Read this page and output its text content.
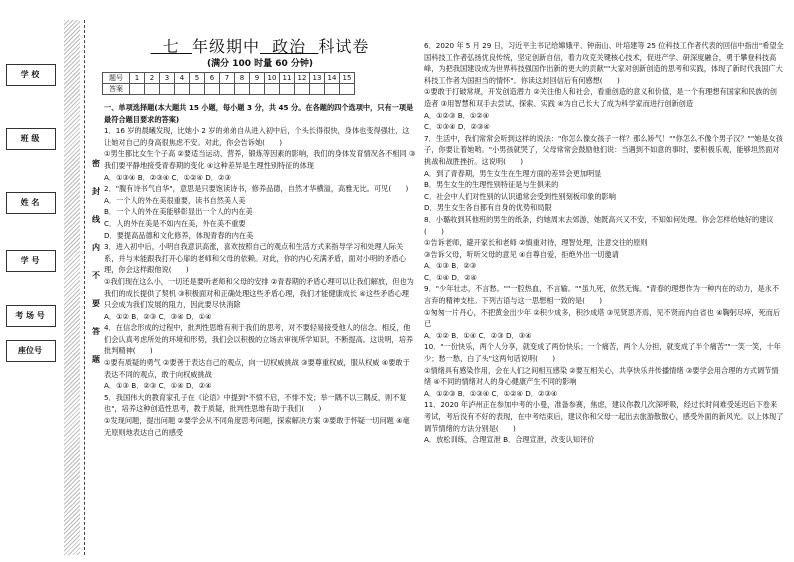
学 校
班 级
姓 名
学 号
考 场 号
座位号
密
封
线
内
不
要
答
题
七 年级期中 政治 科试卷
(满分 100 时量 60 分钟)
题号	1	2	3	4	5	6	7	8	9	10	11	12	13	14	15
答案															

一、单项选择题(本大题共 15 小题，每小题 3 分，共 45 分。在各题的四个选项中，只有一项是最符合题目要求的答案)

1．16 岁的晨曦发现，比她小 2 岁的弟弟自从进入初中后，个头长得很快，身体也变得强壮，这让她对自己的身高很焦虑不安。对此，你会告诉她(　　)

①男生都比女生个子高 ②要适当运动、营养，锻炼等因素的影响，我们的身体发育情况各不相同 ③我们要平静地接受青春期的变化 ④这种差异是生理性别特征的体现

A．①③④ B．②③④ C．①②④ D．②③

2．"腹有诗书气自华"，意思是只要饱读诗书，修养品德，自然才华横溢，高雅无比。可见(　　)

A．一个人的外在美很重要，读书自然美人美

B．一个人的外在美能够彰显出一个人的内在美

C．人的外在美是不如内在美，外在美不重要

D．要提高品德和文化修养，体现青春的内在美

3．进入初中后，小明自我意识高涨，喜欢按照自己的观点和生活方式来指导学习和处理人际关系，并与未能跟我打开心扉的老师和父母的依赖。对此，你的内心充满矛盾，面对小明的矛盾心理，你会这样跟他说(　　)

①我们现在这么小，一切还是要听老师和父母的安排 ②青春期的矛盾心理可以让我们解放，但也为我们的成长提供了契机 ③积极面对和正确处理这些矛盾心理，我们才能健康成长 ④这些矛盾心理只会成为我们发展的阻力，因此要尽快消除

A．①② B．②③ C．③④ D．①④

4．在信念形成的过程中，批判性思维有利于我们的思考，对不要轻易接受他人的信念。相反，他们会认真考虑所处的环境和形势，我们会以积极的立场去审视所学知识，不断提高。这说明，培养批判精神(　　)

①要有质疑的勇气 ②要善于表达自己的观点，向一切权威挑战 ③要尊重权威，服从权威 ④要敢于表达不同的观点，敢于向权威挑战

A．①③ B．②③ C．①④ D．②④

5．我国伟大的教育家孔子在《论语》中提到"不愤不启，不悱不发；举一隅不以三隅反，则不复也"，培养这种创造性思考，教于质疑，批判性思维有助于我们(　　)

①发现问题，提出问题 ②要学会从不同角度思考问题，探索解决方案 ③要敢于怀疑一切问题 ④毫无原则地表达自己的感受

6．2020 年 5 月 29 日，习近平主书记给嫦娥平、钟南山、叶培建等 25 位科技工作者代表的回信中指出"希望全国科技工作者弘扬优良传统，坚定创新自信，着力攻克关键核心技术，促进产学、研深度融合，勇于攀登科技高峰，为把我国建设成为世界科技强国作出新的更大的贡献""大家对创新创造的思考和实践，体现了新时代我国广大科技工作者为国担当的情怀"。你读这封回信后有何感想(　　)

①要敢于打破常规，开发创造潜力 ②关注他人和社会，看重创造的意义和价值，是一个有理想有国家和民族的创造者 ③用智慧和双手去尝试、探索、实践 ④为自己长大了成为科学家而进行创新创造

A．①②③ B．①②④

C．①③④ D．②③④

7．生活中，我们常常会听到这样的说法："你怎么像女孩子一样？那么矫气！""你怎么不像个男子汉？""她是女孩子，你要让着她哟。"小男孩就哭了，父母常常会鼓励他们说：当遇到不如意的事时，要积极乐观，能够坦然面对挑战和战胜挫折。这说明(　　)

A．到了青春期，男生女生在生理方面的差异会更加明显

B．男生女生的生理性别特征是与生俱来的

C．社会中人们对性别的认识通常会受到性别刻板印象的影响

D．男生女生各自都有自身的优势和局限

8．小璐收到其他班的男生的纸条，约她周末去郊游，她既高兴又不安，不知如何处理。你会怎样给她好的建议(　　)

①告诉老师，避开家长和老师 ②慎重对待，理智处理，注意交往的原则

③告诉父母，听听父母的意见 ④自尊自爱，拒绝外出一切邀请

A．①③ B．②③

C．①④ D．②④

9．"少年壮志，不言愁。""一腔热血，不言输。""虽九死，依然无悔。"青春的理想作为一种内在的动力，是永不言弃的精神支柱。下列古语与这一思想相一致的是(　　)

①匆匆一片丹心，不把黄金出少年 ②积少成多，积沙成塔 ③见贤思齐焉，见不贤而内自省也 ④鞠躬尽瘁，死而后已

A．①② B．①④ C．②③ D．③④

10．"一份快乐，两个人分享，就变成了两份快乐；一个痛苦，两个人分担，就变成了半个痛苦""一笑一笑，十年少；愁一愁，白了头"这两句话说明(　　)

①情绪具有感染作用，会在人们之间相互感染 ②要互相关心，共享快乐并传播情绪 ③要学会用合理的方式调节情绪 ④不同的情绪对人的身心健康产生不同的影响

A．①②③ B．①③④ C．①②④ D．②③④

11．2020 年泸州正在参加中考的小曼，准备参赛，焦虑，建议你教几次深呼吸，经过长时间难受延迟后下卷来考试，考后没有不好的表现，在中考结束后，建议你和父母一起出去旅游散散心，感受外面的新风光。以上体现了调节情绪的方法分别是(　　)

A．放松训练，合理宣泄 B．合理宣泄，改变认知评价
